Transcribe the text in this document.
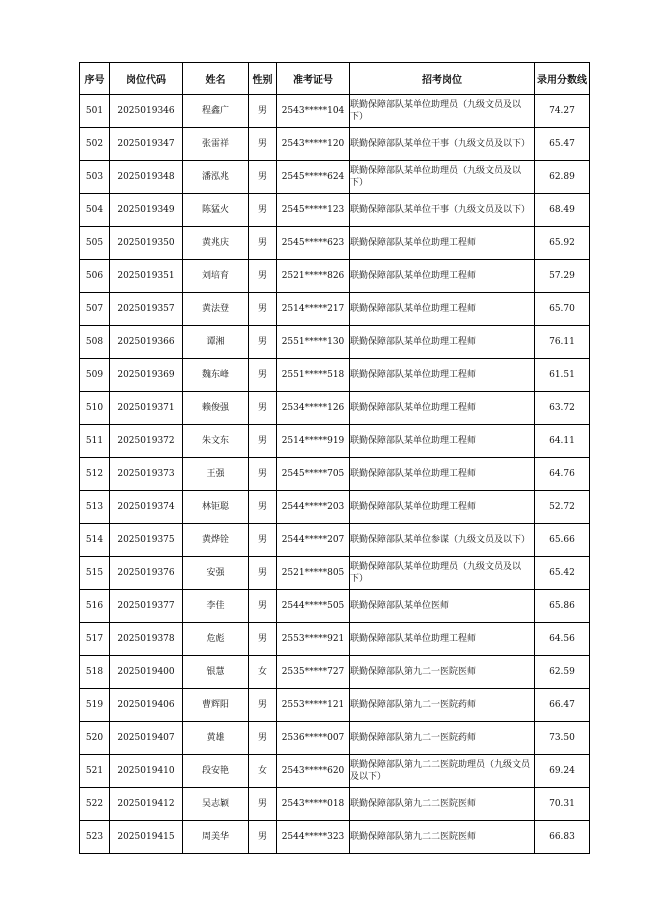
序号	岗位代码	姓名	性别	准考证号	招考岗位	录用分数线
501	2025019346	程鑫广	男	2543*****104	联勤保障部队某单位助理员（九级文员及以下）	74.27
502	2025019347	张雷祥	男	2543*****120	联勤保障部队某单位干事（九级文员及以下）	65.47
503	2025019348	潘泓兆	男	2545*****624	联勤保障部队某单位助理员（九级文员及以下）	62.89
504	2025019349	陈猛火	男	2545*****123	联勤保障部队某单位干事（九级文员及以下）	68.49
505	2025019350	黄兆庆	男	2545*****623	联勤保障部队某单位助理工程师	65.92
506	2025019351	刘培育	男	2521*****826	联勤保障部队某单位助理工程师	57.29
507	2025019357	黄法登	男	2514*****217	联勤保障部队某单位助理工程师	65.70
508	2025019366	谭湘	男	2551*****130	联勤保障部队某单位助理工程师	76.11
509	2025019369	魏东峰	男	2551*****518	联勤保障部队某单位助理工程师	61.51
510	2025019371	赖俊强	男	2534*****126	联勤保障部队某单位助理工程师	63.72
511	2025019372	朱文东	男	2514*****919	联勤保障部队某单位助理工程师	64.11
512	2025019373	王强	男	2545*****705	联勤保障部队某单位助理工程师	64.76
513	2025019374	林钜聪	男	2544*****203	联勤保障部队某单位助理工程师	52.72
514	2025019375	黄烨铨	男	2544*****207	联勤保障部队某单位参谋（九级文员及以下）	65.66
515	2025019376	安强	男	2521*****805	联勤保障部队某单位助理员（九级文员及以下）	65.42
516	2025019377	李佳	男	2544*****505	联勤保障部队某单位医师	65.86
517	2025019378	危彪	男	2553*****921	联勤保障部队某单位助理工程师	64.56
518	2025019400	银慧	女	2535*****727	联勤保障部队第九二一医院医师	62.59
519	2025019406	曹辉阳	男	2553*****121	联勤保障部队第九二一医院药师	66.47
520	2025019407	黄雄	男	2536*****007	联勤保障部队第九二一医院药师	73.50
521	2025019410	段安艳	女	2543*****620	联勤保障部队第九二二医院助理员（九级文员及以下）	69.24
522	2025019412	吴志颖	男	2543*****018	联勤保障部队第九二二医院医师	70.31
523	2025019415	周美华	男	2544*****323	联勤保障部队第九二二医院医师	66.83
